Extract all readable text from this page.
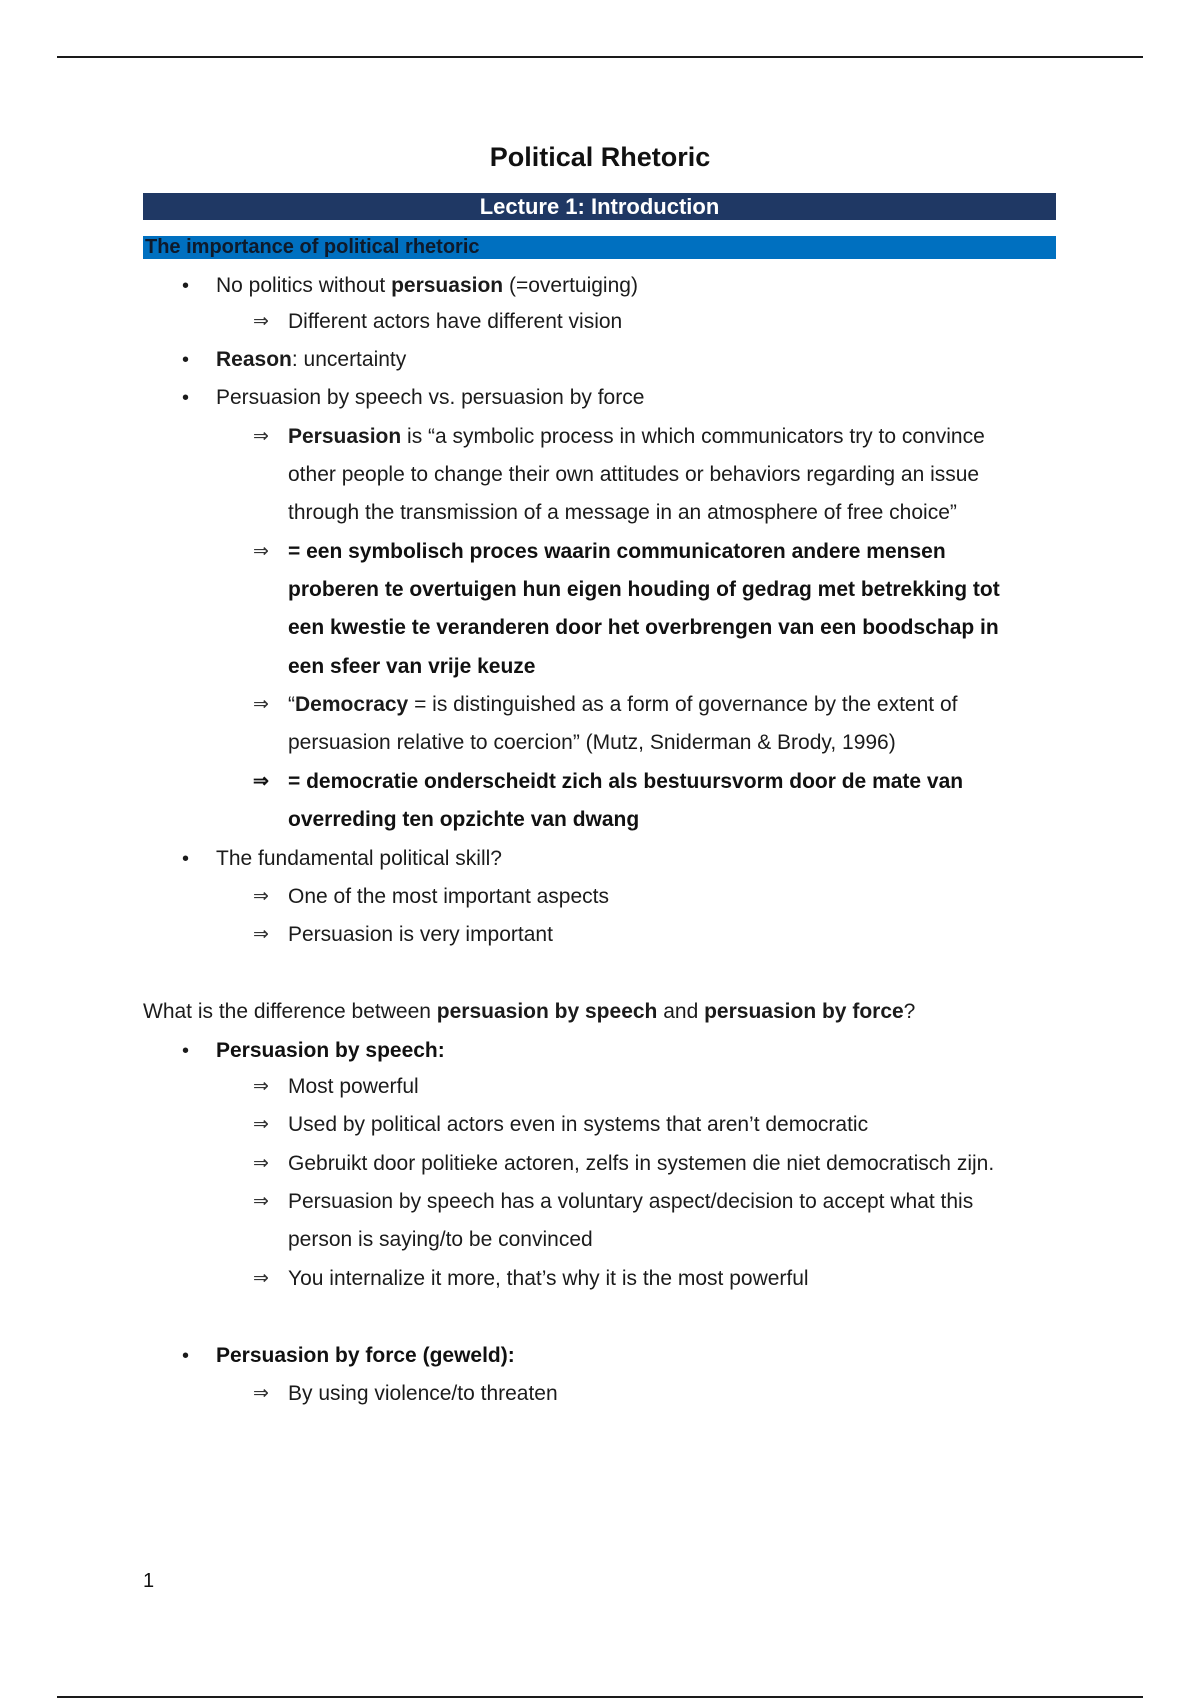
Political Rhetoric
Lecture 1: Introduction
The importance of political rhetoric
• No politics without persuasion (=overtuiging)
⇒ Different actors have different vision
• Reason: uncertainty
• Persuasion by speech vs. persuasion by force
⇒ Persuasion is “a symbolic process in which communicators try to convince
other people to change their own attitudes or behaviors regarding an issue
through the transmission of a message in an atmosphere of free choice”
⇒ = een symbolisch proces waarin communicatoren andere mensen
proberen te overtuigen hun eigen houding of gedrag met betrekking tot
een kwestie te veranderen door het overbrengen van een boodschap in
een sfeer van vrije keuze
⇒ “Democracy = is distinguished as a form of governance by the extent of
persuasion relative to coercion” (Mutz, Sniderman & Brody, 1996)
⇒ = democratie onderscheidt zich als bestuursvorm door de mate van
overreding ten opzichte van dwang
• The fundamental political skill?
⇒ One of the most important aspects
⇒ Persuasion is very important
What is the difference between persuasion by speech and persuasion by force?
• Persuasion by speech:
⇒ Most powerful
⇒ Used by political actors even in systems that aren’t democratic
⇒ Gebruikt door politieke actoren, zelfs in systemen die niet democratisch zijn.
⇒ Persuasion by speech has a voluntary aspect/decision to accept what this
person is saying/to be convinced
⇒ You internalize it more, that’s why it is the most powerful
• Persuasion by force (geweld):
⇒ By using violence/to threaten
1
